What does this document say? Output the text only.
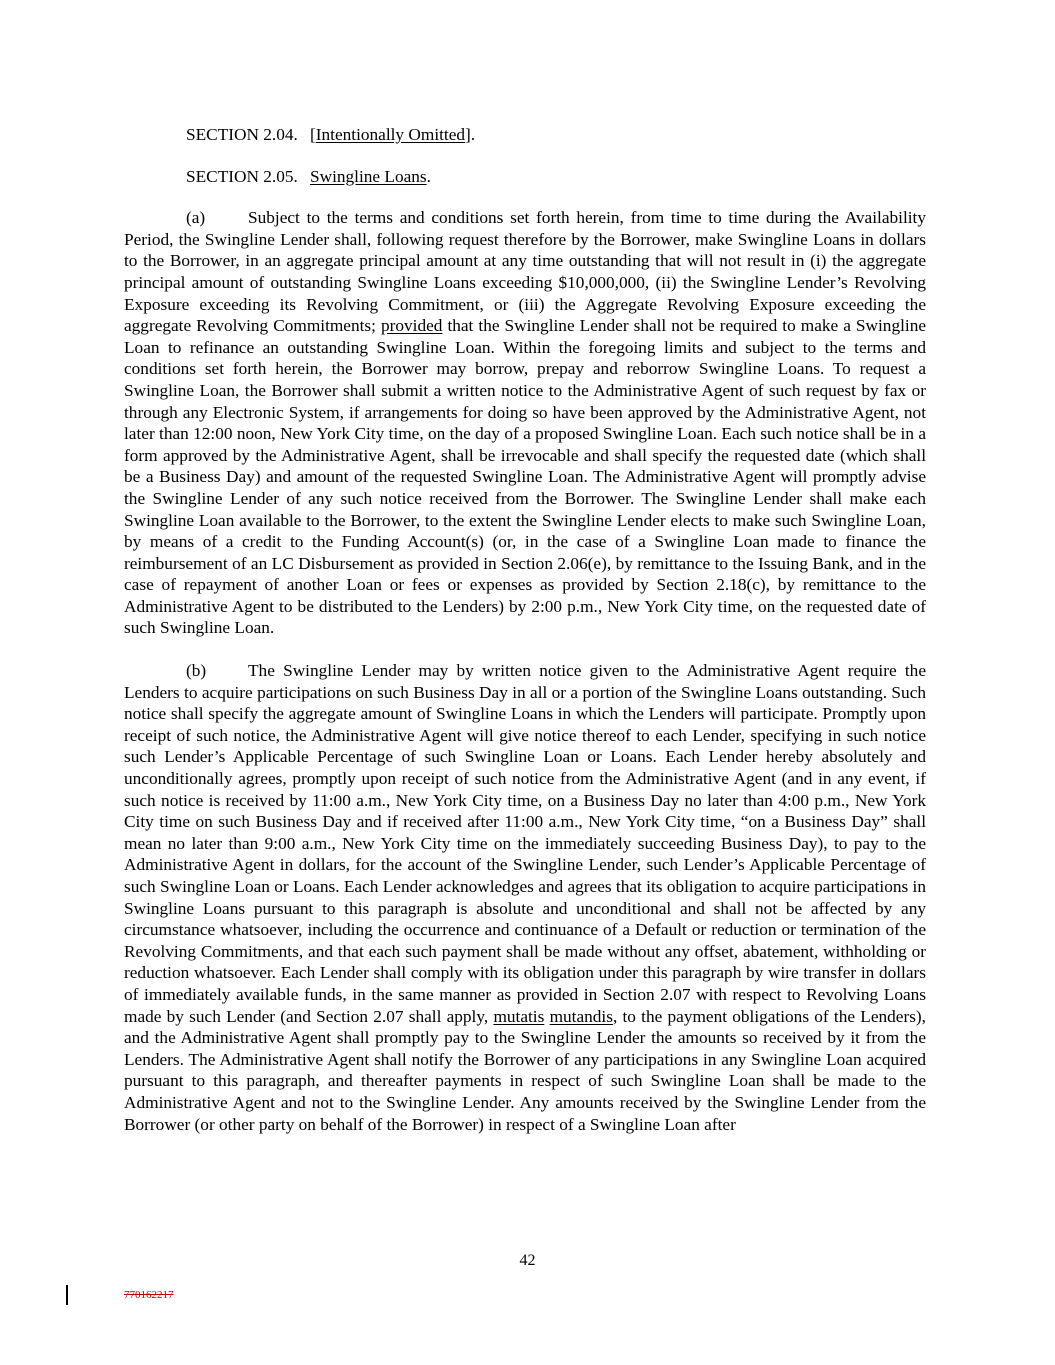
SECTION 2.04. [Intentionally Omitted].

SECTION 2.05. Swingline Loans.

(a) Subject to the terms and conditions set forth herein, from time to time during the Availability Period, the Swingline Lender shall, following request therefore by the Borrower, make Swingline Loans in dollars to the Borrower, in an aggregate principal amount at any time outstanding that will not result in (i) the aggregate principal amount of outstanding Swingline Loans exceeding $10,000,000, (ii) the Swingline Lender’s Revolving Exposure exceeding its Revolving Commitment, or (iii) the Aggregate Revolving Exposure exceeding the aggregate Revolving Commitments; provided that the Swingline Lender shall not be required to make a Swingline Loan to refinance an outstanding Swingline Loan. Within the foregoing limits and subject to the terms and conditions set forth herein, the Borrower may borrow, prepay and reborrow Swingline Loans. To request a Swingline Loan, the Borrower shall submit a written notice to the Administrative Agent of such request by fax or through any Electronic System, if arrangements for doing so have been approved by the Administrative Agent, not later than 12:00 noon, New York City time, on the day of a proposed Swingline Loan. Each such notice shall be in a form approved by the Administrative Agent, shall be irrevocable and shall specify the requested date (which shall be a Business Day) and amount of the requested Swingline Loan. The Administrative Agent will promptly advise the Swingline Lender of any such notice received from the Borrower. The Swingline Lender shall make each Swingline Loan available to the Borrower, to the extent the Swingline Lender elects to make such Swingline Loan, by means of a credit to the Funding Account(s) (or, in the case of a Swingline Loan made to finance the reimbursement of an LC Disbursement as provided in Section 2.06(e), by remittance to the Issuing Bank, and in the case of repayment of another Loan or fees or expenses as provided by Section 2.18(c), by remittance to the Administrative Agent to be distributed to the Lenders) by 2:00 p.m., New York City time, on the requested date of such Swingline Loan.

(b) The Swingline Lender may by written notice given to the Administrative Agent require the Lenders to acquire participations on such Business Day in all or a portion of the Swingline Loans outstanding. Such notice shall specify the aggregate amount of Swingline Loans in which the Lenders will participate. Promptly upon receipt of such notice, the Administrative Agent will give notice thereof to each Lender, specifying in such notice such Lender’s Applicable Percentage of such Swingline Loan or Loans. Each Lender hereby absolutely and unconditionally agrees, promptly upon receipt of such notice from the Administrative Agent (and in any event, if such notice is received by 11:00 a.m., New York City time, on a Business Day no later than 4:00 p.m., New York City time on such Business Day and if received after 11:00 a.m., New York City time, “on a Business Day” shall mean no later than 9:00 a.m., New York City time on the immediately succeeding Business Day), to pay to the Administrative Agent in dollars, for the account of the Swingline Lender, such Lender’s Applicable Percentage of such Swingline Loan or Loans. Each Lender acknowledges and agrees that its obligation to acquire participations in Swingline Loans pursuant to this paragraph is absolute and unconditional and shall not be affected by any circumstance whatsoever, including the occurrence and continuance of a Default or reduction or termination of the Revolving Commitments, and that each such payment shall be made without any offset, abatement, withholding or reduction whatsoever. Each Lender shall comply with its obligation under this paragraph by wire transfer in dollars of immediately available funds, in the same manner as provided in Section 2.07 with respect to Revolving Loans made by such Lender (and Section 2.07 shall apply, mutatis mutandis, to the payment obligations of the Lenders), and the Administrative Agent shall promptly pay to the Swingline Lender the amounts so received by it from the Lenders. The Administrative Agent shall notify the Borrower of any participations in any Swingline Loan acquired pursuant to this paragraph, and thereafter payments in respect of such Swingline Loan shall be made to the Administrative Agent and not to the Swingline Lender. Any amounts received by the Swingline Lender from the Borrower (or other party on behalf of the Borrower) in respect of a Swingline Loan after

42
770162217
